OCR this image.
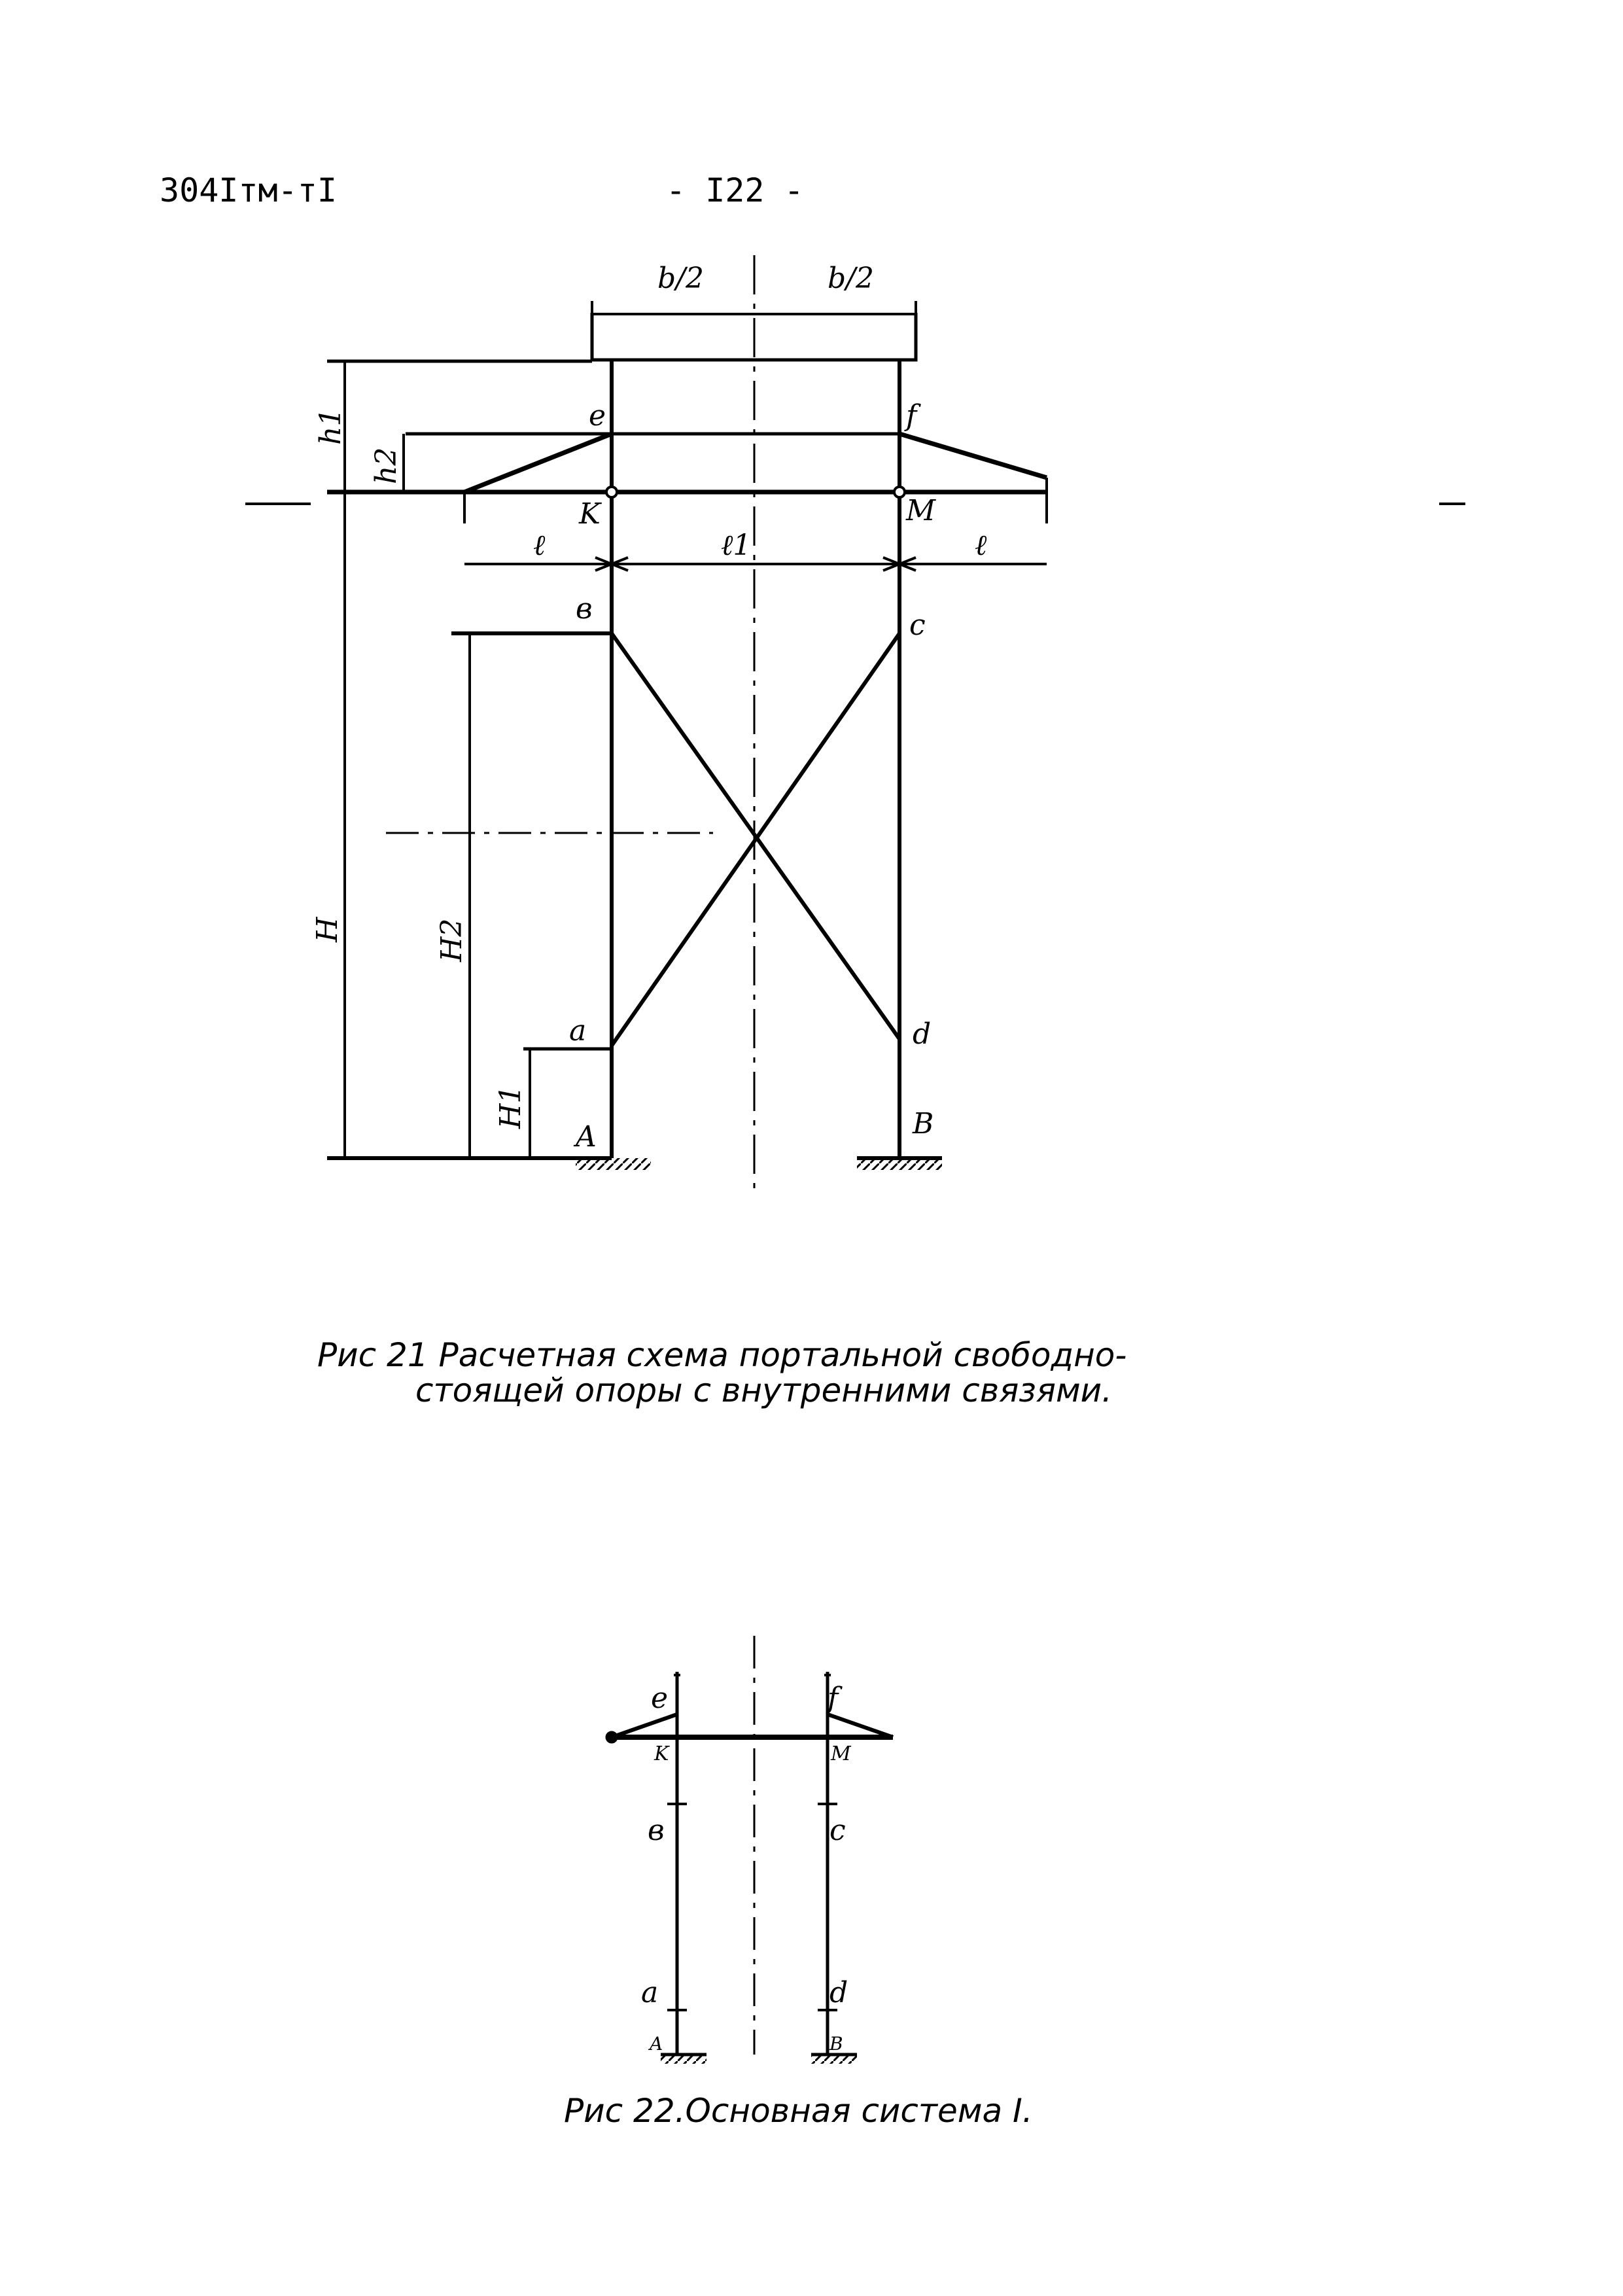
304Iтм-тI	- I22 -
b/2	b/2
e	f
K	M
h1
h2
ℓ	ℓ1	ℓ
в	c
H	H2
a	d
H1
A	B
Рис 21 Расчетная схема портальной свободно-
стоящей опоры с внутренними связями.
e	f
K	M
в	c
a	d
A	B
Рис 22.Основная система I.
